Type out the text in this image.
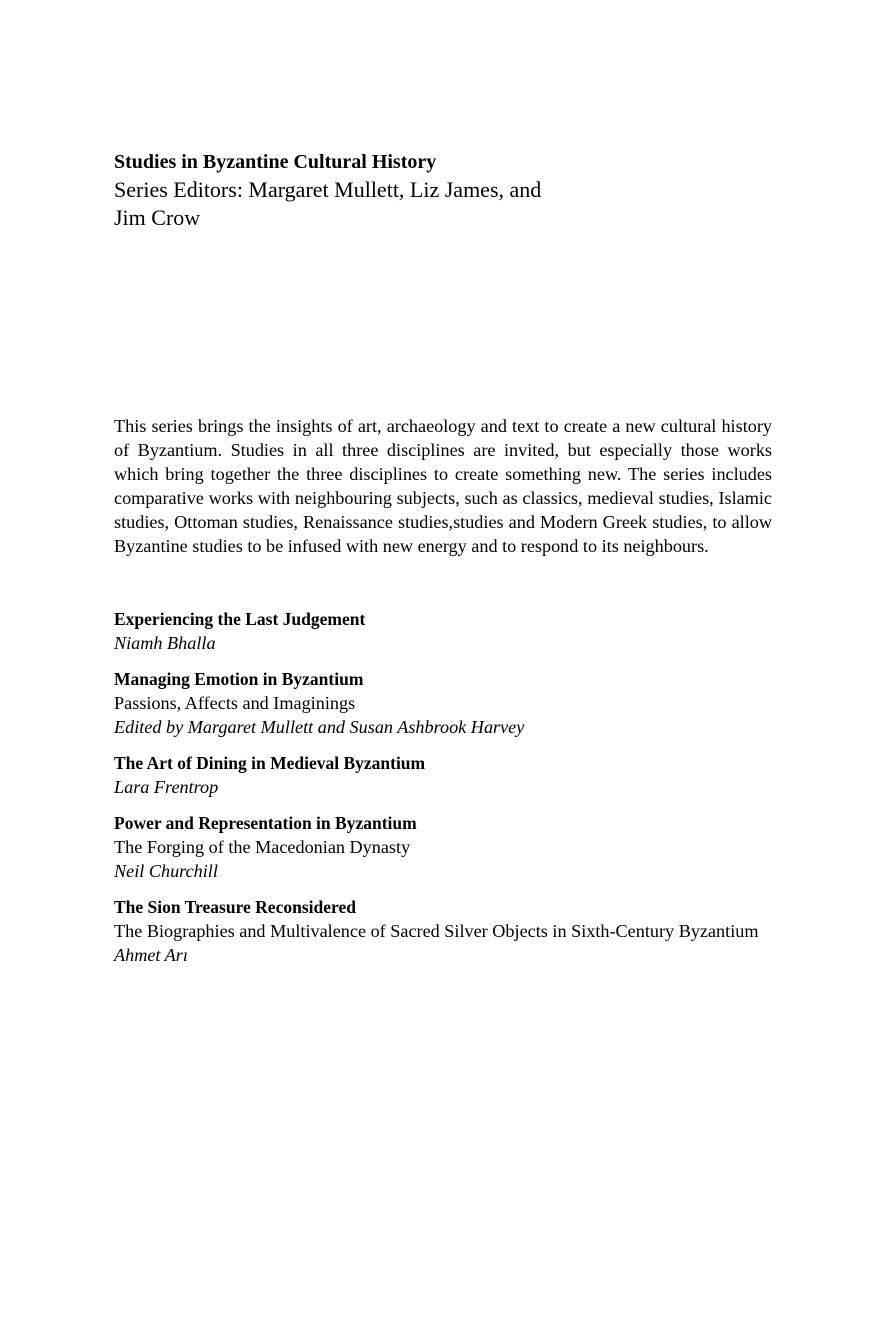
Studies in Byzantine Cultural History

Series Editors: Margaret Mullett, Liz James, and

Jim Crow

This series brings the insights of art, archaeology and text to create a new cultural history of Byzantium. Studies in all three disciplines are invited, but especially those works which bring together the three disciplines to create something new. The series includes comparative works with neighbouring subjects, such as classics, medieval studies, Islamic studies, Ottoman studies, Renaissance studies,studies and Modern Greek studies, to allow Byzantine studies to be infused with new energy and to respond to its neighbours.

Experiencing the Last Judgement
Niamh Bhalla
Managing Emotion in Byzantium
Passions, Affects and Imaginings
Edited by Margaret Mullett and Susan Ashbrook Harvey
The Art of Dining in Medieval Byzantium
Lara Frentrop
Power and Representation in Byzantium
The Forging of the Macedonian Dynasty
Neil Churchill
The Sion Treasure Reconsidered
The Biographies and Multivalence of Sacred Silver Objects in Sixth-Century Byzantium
Ahmet Arı
